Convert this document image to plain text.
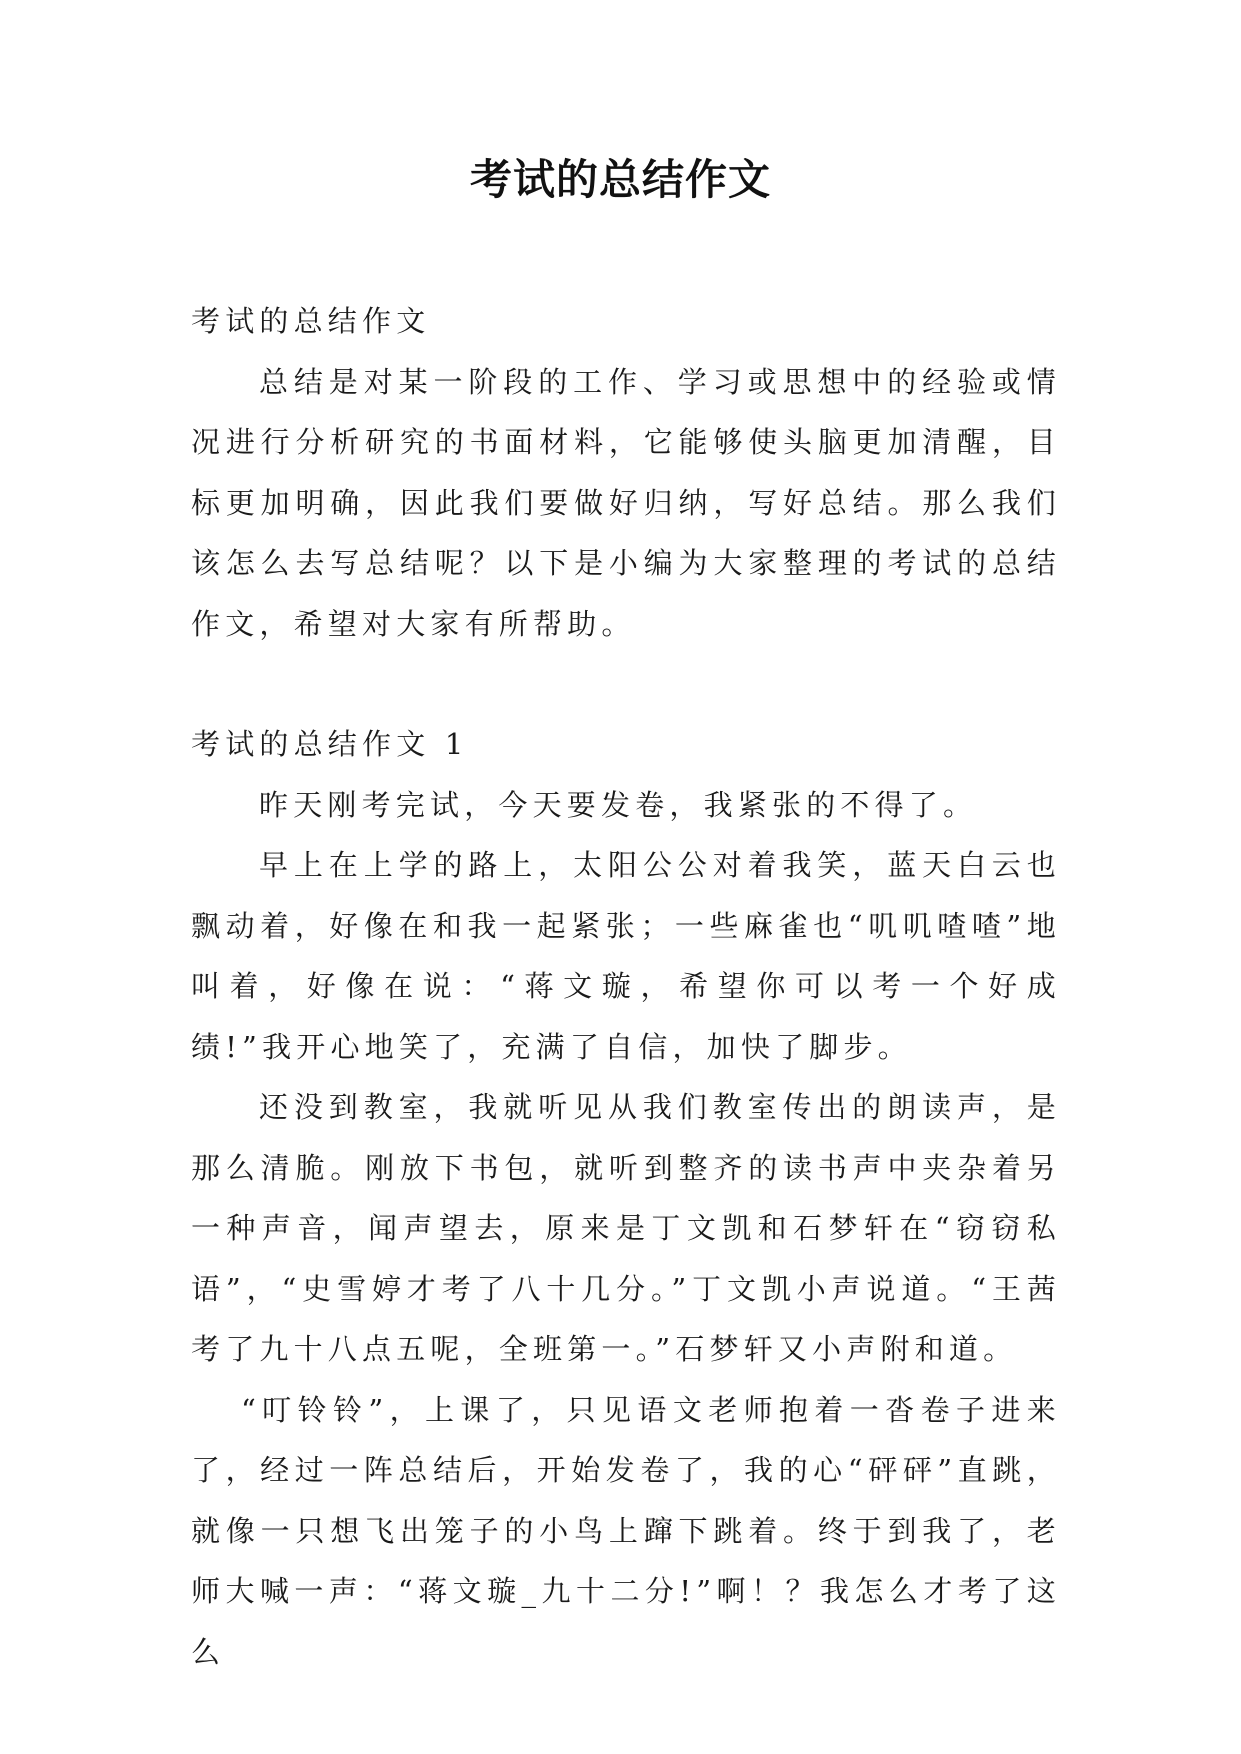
考试的总结作文

考试的总结作文

总结是对某一阶段的工作、学习或思想中的经验或情况进行分析研究的书面材料，它能够使头脑更加清醒，目标更加明确，因此我们要做好归纳，写好总结。那么我们该怎么去写总结呢？以下是小编为大家整理的考试的总结作文，希望对大家有所帮助。

考试的总结作文 1

昨天刚考完试，今天要发卷，我紧张的不得了。

早上在上学的路上，太阳公公对着我笑，蓝天白云也飘动着，好像在和我一起紧张；一些麻雀也“叽叽喳喳”地叫着，好像在说：“蒋文璇，希望你可以考一个好成绩!”我开心地笑了，充满了自信，加快了脚步。

还没到教室，我就听见从我们教室传出的朗读声，是那么清脆。刚放下书包，就听到整齐的读书声中夹杂着另一种声音，闻声望去，原来是丁文凯和石梦轩在“窃窃私语”，“史雪婷才考了八十几分。”丁文凯小声说道。“王茜考了九十八点五呢，全班第一。”石梦轩又小声附和道。

“叮铃铃”，上课了，只见语文老师抱着一沓卷子进来了，经过一阵总结后，开始发卷了，我的心“砰砰”直跳，就像一只想飞出笼子的小鸟上蹿下跳着。终于到我了，老师大喊一声：“蒋文璇_九十二分!”啊！？我怎么才考了这么
